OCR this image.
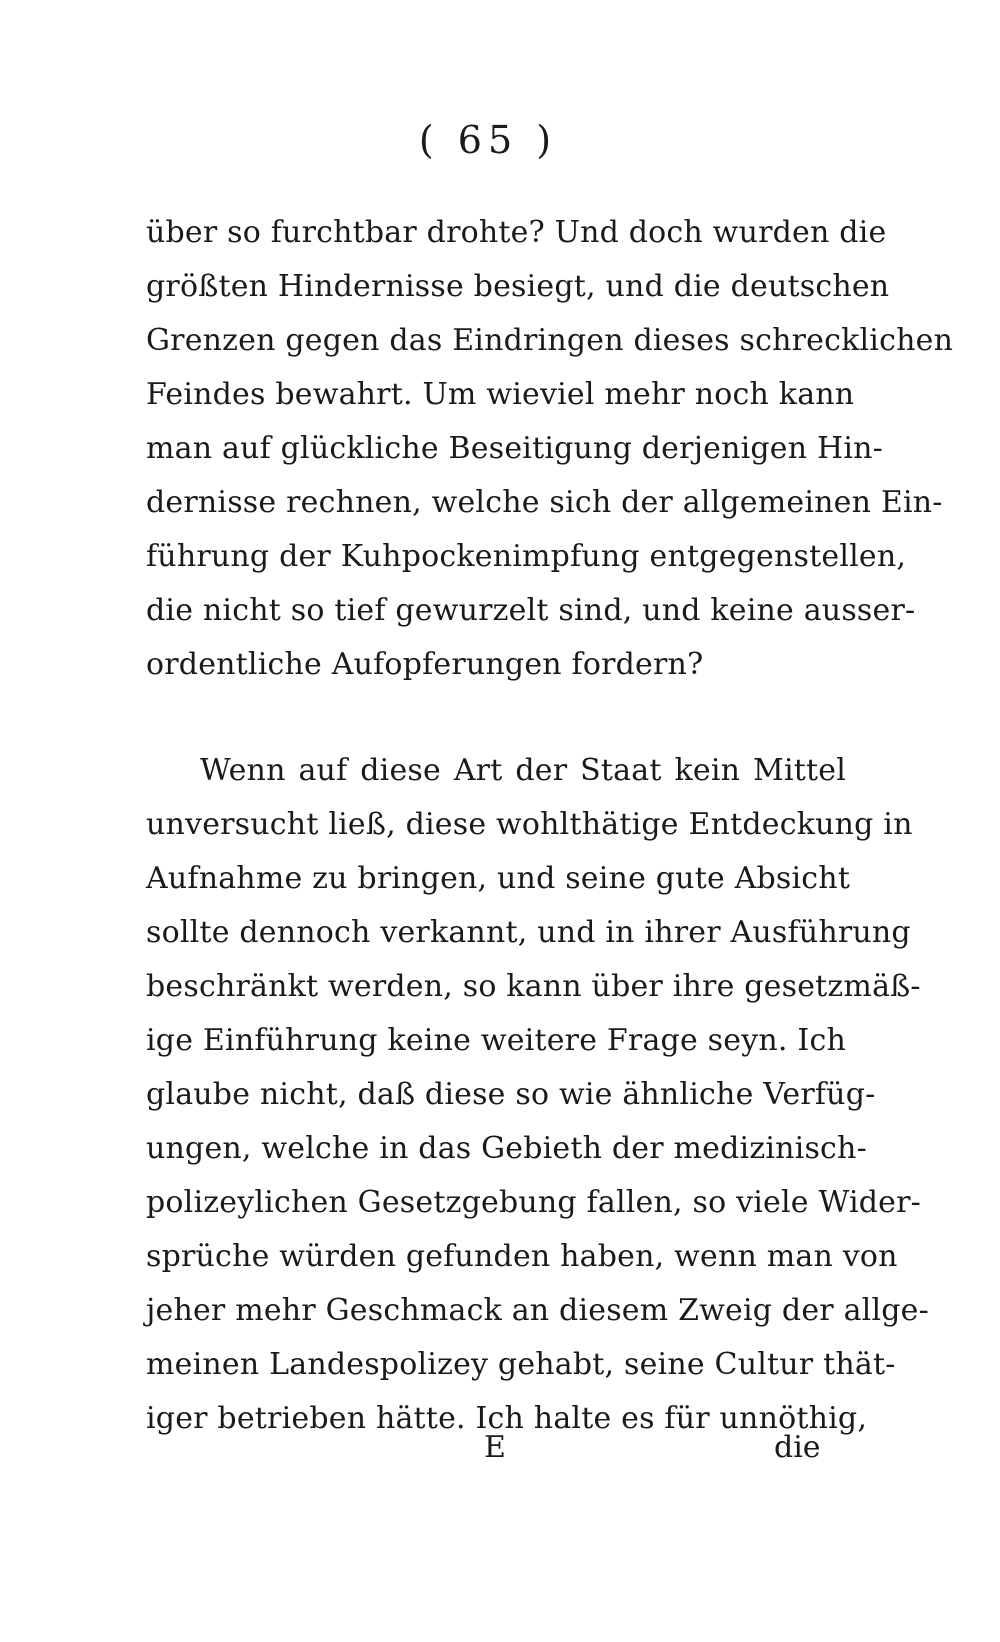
( 65 )
über so furchtbar drohte? Und doch wurden die
größten Hindernisse besiegt, und die deutschen
Grenzen gegen das Eindringen dieses schrecklichen
Feindes bewahrt. Um wieviel mehr noch kann
man auf glückliche Beseitigung derjenigen Hin-
dernisse rechnen, welche sich der allgemeinen Ein-
führung der Kuhpockenimpfung entgegenstellen,
die nicht so tief gewurzelt sind, und keine ausser-
ordentliche Aufopferungen fordern?
Wenn auf diese Art der Staat kein Mittel
unversucht ließ, diese wohlthätige Entdeckung in
Aufnahme zu bringen, und seine gute Absicht
sollte dennoch verkannt, und in ihrer Ausführung
beschränkt werden, so kann über ihre gesetzmäß-
ige Einführung keine weitere Frage seyn. Ich
glaube nicht, daß diese so wie ähnliche Verfüg-
ungen, welche in das Gebieth der medizinisch-
polizeylichen Gesetzgebung fallen, so viele Wider-
sprüche würden gefunden haben, wenn man von
jeher mehr Geschmack an diesem Zweig der allge-
meinen Landespolizey gehabt, seine Cultur thät-
iger betrieben hätte. Ich halte es für unnöthig,
E	die
